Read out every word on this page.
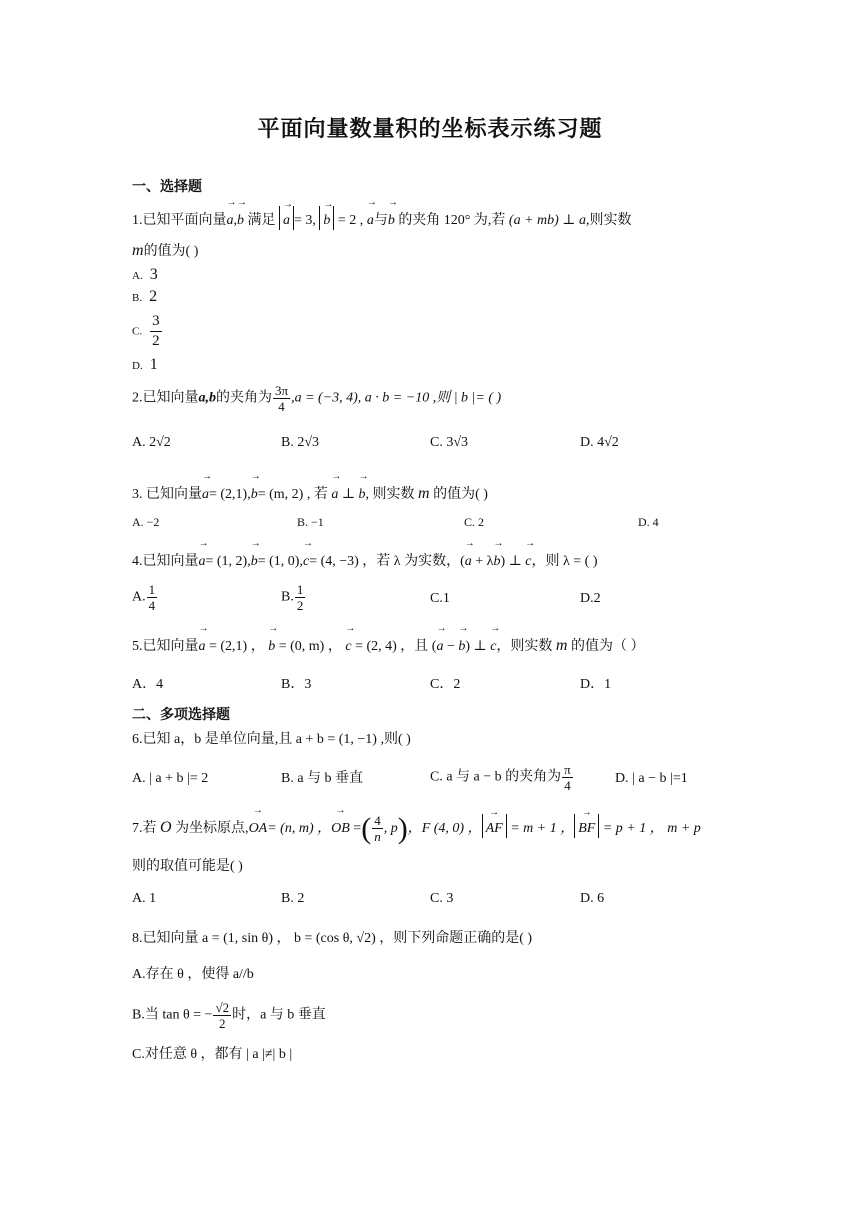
平面向量数量积的坐标表示练习题
一、选择题
1.已知平面向量→ a,→ b 满足 → a = 3, → b = 2 , → a与→ b 的夹角 120° 为,若 (a + mb) ⊥ a,则实数
m的值为( )
A. 3
B. 2
C. $\frac{3}{2}$
D. 1
2.已知向量a,b的夹角为 $\frac{3\pi}{4} ,a = (-3$, 4), a · b = −10 ,则 | b |= ( )
A. 2√2	B. 2√3	C. 3√3	D. 4√2
3. 已知向量→ a= (2,1),→ b= (m, 2) , 若 → a ⊥ → b, 则实数 m 的值为( )
A. −2	B. −1	C. 2	D. 4
4.已知向量→ a= (1, 2),→ b= (1, 0),→ c= (4, −3) ，若 λ 为实数，(→ a + λ→ b) ⊥ → c，则 λ = ( )
A. $\frac{1}{4}$	B. $\frac{1}{2}$	C.1	D.2
5.已知向量→ a = (2,1) ， → b = (0, m) ， → c = (2, 4) ，且 (→ a − → b) ⊥ → c，则实数 m 的值为（ ）
A．4	B．3	C．2	D．1
二、多项选择题
6.已知 a，b 是单位向量,且 a + b = (1, −1) ,则( )
A. | a + b |= 2	B. a 与 b 垂直	C. a 与 a − b 的夹角为 $\frac{\pi}{4}$	D. | a − b |=1
7.若 O 为坐标原点,→ OA= (n, m) ，→ OB =( $\frac{4}{n}$ , p)，F (4, 0) ， → AF = m + 1 ， → BF = p + 1 ， m + p
则的取值可能是( )
A. 1	B. 2	C. 3	D. 6
8.已知向量 a = (1, sin θ) ， b = (cos θ, √2) ，则下列命题正确的是( )
A.存在 θ ，使得 a//b
B.当 tan θ = − $\frac{√2}{2}$ 时，a 与 b 垂直
C.对任意 θ ，都有 | a |≠| b |
